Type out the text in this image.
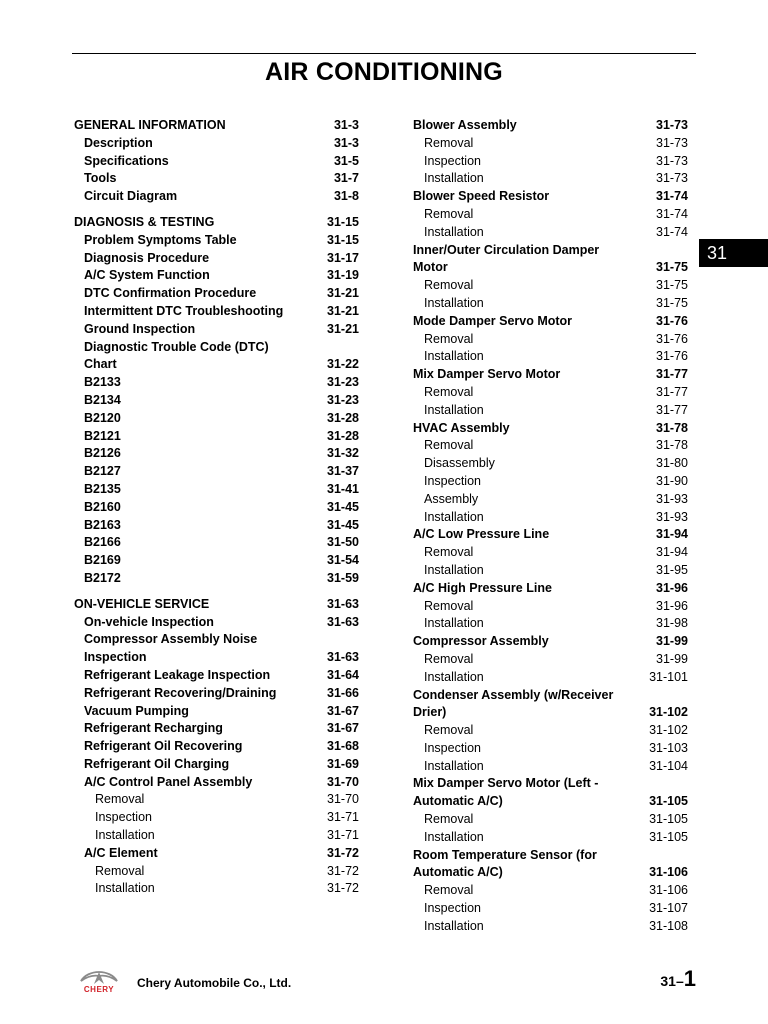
AIR CONDITIONING
GENERAL INFORMATION	31-3
Description	31-3
Specifications	31-5
Tools	31-7
Circuit Diagram	31-8
DIAGNOSIS & TESTING	31-15
Problem Symptoms Table	31-15
Diagnosis Procedure	31-17
A/C System Function	31-19
DTC Confirmation Procedure	31-21
Intermittent DTC Troubleshooting	31-21
Ground Inspection	31-21
Diagnostic Trouble Code (DTC) Chart	31-22
B2133	31-23
B2134	31-23
B2120	31-28
B2121	31-28
B2126	31-32
B2127	31-37
B2135	31-41
B2160	31-45
B2163	31-45
B2166	31-50
B2169	31-54
B2172	31-59
ON-VEHICLE SERVICE	31-63
On-vehicle Inspection	31-63
Compressor Assembly Noise Inspection	31-63
Refrigerant Leakage Inspection	31-64
Refrigerant Recovering/Draining	31-66
Vacuum Pumping	31-67
Refrigerant Recharging	31-67
Refrigerant Oil Recovering	31-68
Refrigerant Oil Charging	31-69
A/C Control Panel Assembly	31-70
Removal	31-70
Inspection	31-71
Installation	31-71
A/C Element	31-72
Removal	31-72
Installation	31-72
Blower Assembly	31-73
Removal	31-73
Inspection	31-73
Installation	31-73
Blower Speed Resistor	31-74
Removal	31-74
Installation	31-74
Inner/Outer Circulation Damper Motor	31-75
Removal	31-75
Installation	31-75
Mode Damper Servo Motor	31-76
Removal	31-76
Installation	31-76
Mix Damper Servo Motor	31-77
Removal	31-77
Installation	31-77
HVAC Assembly	31-78
Removal	31-78
Disassembly	31-80
Inspection	31-90
Assembly	31-93
Installation	31-93
A/C Low Pressure Line	31-94
Removal	31-94
Installation	31-95
A/C High Pressure Line	31-96
Removal	31-96
Installation	31-98
Compressor Assembly	31-99
Removal	31-99
Installation	31-101
Condenser Assembly (w/Receiver Drier)	31-102
Removal	31-102
Inspection	31-103
Installation	31-104
Mix Damper Servo Motor (Left - Automatic A/C)	31-105
Removal	31-105
Installation	31-105
Room Temperature Sensor (for Automatic A/C)	31-106
Removal	31-106
Inspection	31-107
Installation	31-108
31
CHERY	Chery Automobile Co., Ltd.	31–1
